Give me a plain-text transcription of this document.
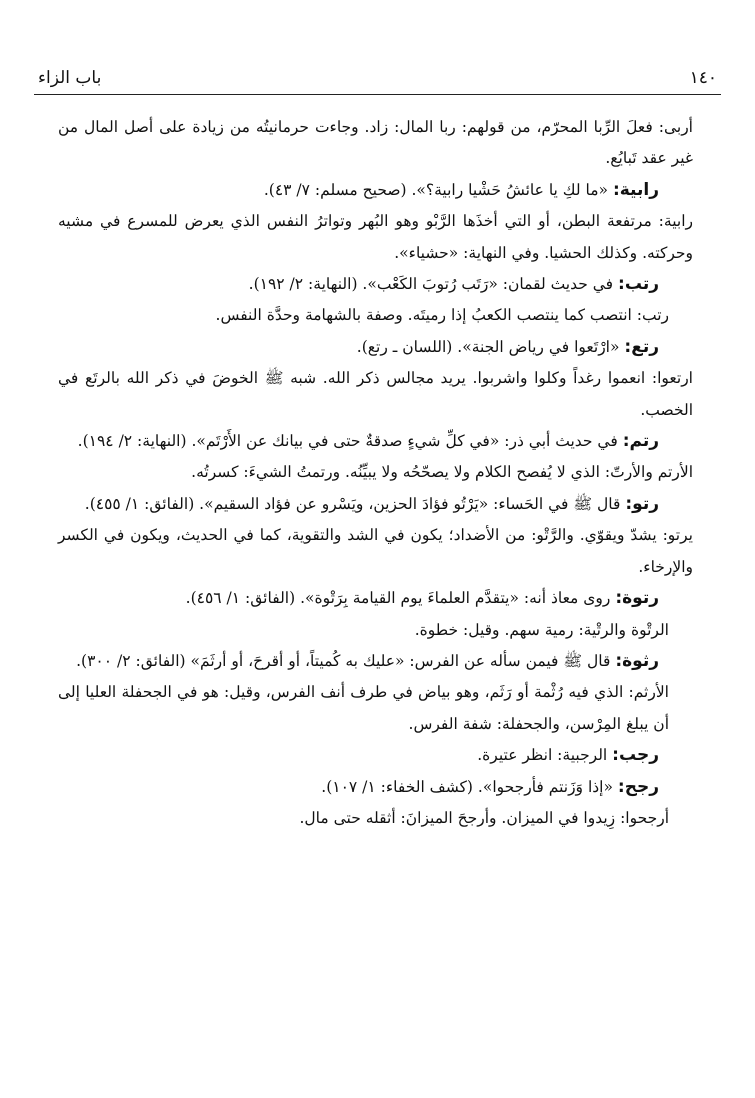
١٤٠
باب الزاء

أربى: فعلَ الرِّبا المحرّم، من قولهم: ربا المال: زاد. وجاءت حرمانيتُه من زيادة على أصل المال من غير عقد تَبايُع.

رابية: «ما لكِ يا عائشُ حَشْيا رابية؟». (صحيح مسلم: ٧/ ٤٣).

رابية: مرتفعة البطن، أو التي أخذَها الرَّبْو وهو البُهر وتواترُ النفس الذي يعرض للمسرع في مشيه وحركته. وكذلك الحشيا. وفي النهاية: «حشياء».

رتب: في حديث لقمان: «رَتَب رُتوبَ الكَعْب». (النهاية: ٢/ ١٩٢).

رتب: انتصب كما ينتصب الكعبُ إذا رميتَه. وصفة بالشهامة وحدَّة النفس.

رتع: «ارْتَعوا في رياض الجنة». (اللسان ـ رتع).

ارتعوا: انعموا رغداً وكلوا واشربوا. يريد مجالس ذكر الله. شبه ﷺ الخوضَ في ذكر الله بالرتَع في الخصب.

رتم: في حديث أبي ذر: «في كلِّ شيءٍ صدقةٌ حتى في بيانك عن الأَرْتَم». (النهاية: ٢/ ١٩٤).

الأرتم والأرتّ: الذي لا يُفصح الكلام ولا يصحّحُه ولا يبيِّنُه. ورتمتُ الشيءَ: كسرتُه.

رتو: قال ﷺ في الحَساء: «يَرْتُو فؤادَ الحزين، ويَسْرو عن فؤاد السقيم». (الفائق: ١/ ٤٥٥).

يرتو: يشدّ ويقوّي. والرَّتْو: من الأضداد؛ يكون في الشد والتقوية، كما في الحديث، ويكون في الكسر والإرخاء.

رتوة: روى معاذ أنه: «يتقدَّم العلماءَ يوم القيامة بِرَتْوة». (الفائق: ١/ ٤٥٦).

الرتْوة والرتْية: رمية سهم. وقيل: خطوة.

رثوة: قال ﷺ فيمن سأله عن الفرس: «عليك به كُميتاً، أو أقرحَ، أو أرثَمَ» (الفائق: ٢/ ٣٠٠).

الأرثم: الذي فيه رُثْمة أو رَثَم، وهو بياض في طرف أنف الفرس، وقيل: هو في الجحفلة العليا إلى أن يبلغ المِرْسن، والجحفلة: شفة الفرس.

رجب: الرجبية: انظر عتيرة.

رجح: «إذا وَزَنتم فأرجحوا». (كشف الخفاء: ١/ ١٠٧).

أرجحوا: زِيدوا في الميزان. وأرجحَ الميزانَ: أثقله حتى مال.
